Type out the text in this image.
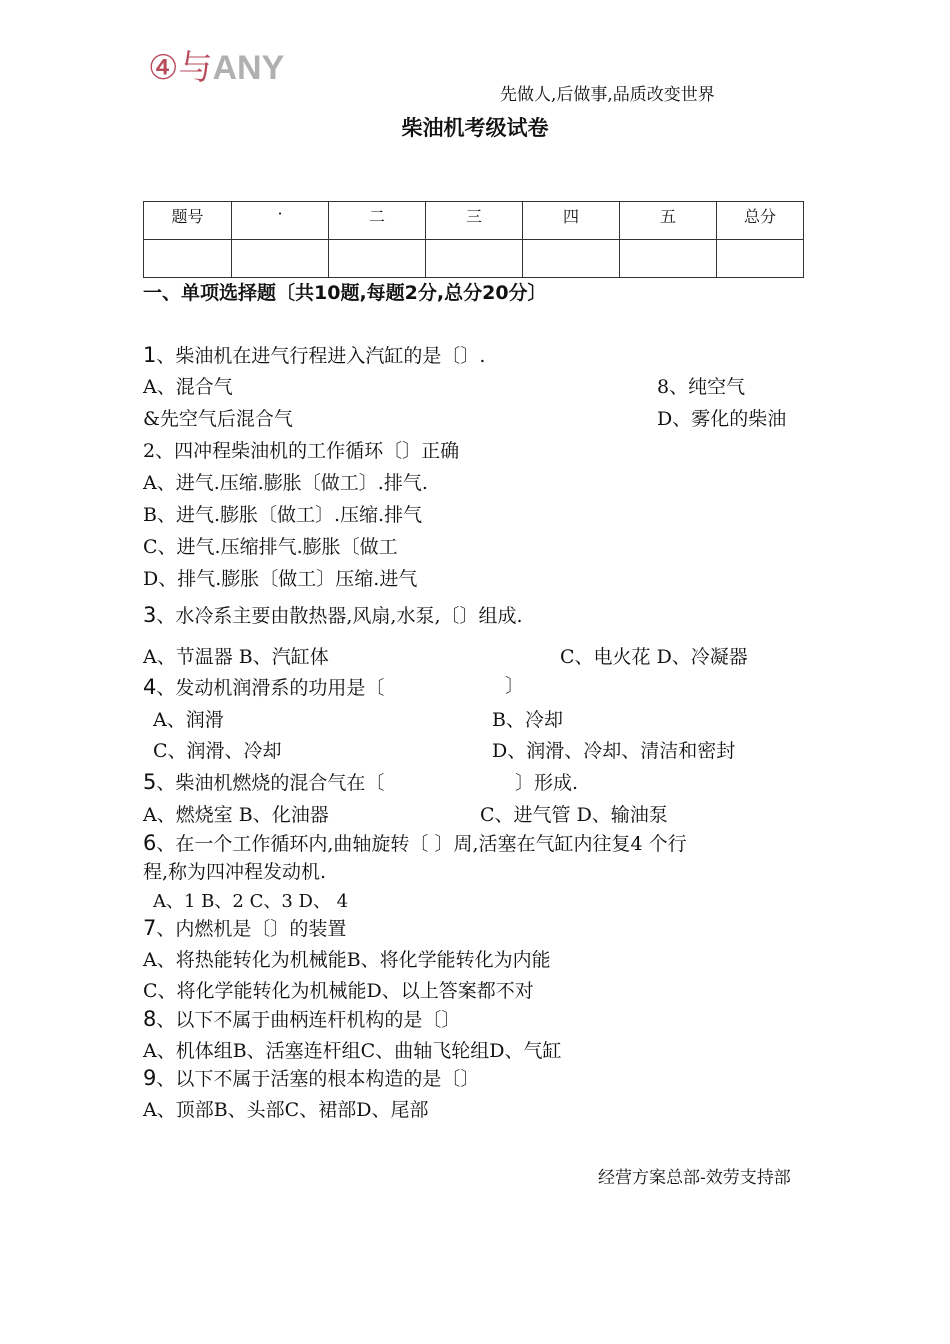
④与ANY
先做人,后做事,品质改变世界
柴油机考级试卷
题号	·	二	三	四	五	总分

一、单项选择题〔共10题,每题2分,总分20分〕
1、柴油机在进气行程进入汽缸的是〔〕.
A、混合气	8、纯空气
&先空气后混合气	D、雾化的柴油
2、四冲程柴油机的工作循环〔〕正确
A、进气.压缩.膨胀〔做工〕.排气.
B、进气.膨胀〔做工〕.压缩.排气
C、进气.压缩排气.膨胀〔做工
D、排气.膨胀〔做工〕压缩.进气
3、水冷系主要由散热器,风扇,水泵,〔〕组成.
A、节温器 B、汽缸体	C、电火花 D、冷凝器
4、发动机润滑系的功用是〔	〕
A、润滑	B、冷却
C、润滑、冷却	D、润滑、冷却、清洁和密封
5、柴油机燃烧的混合气在〔	〕形成.
A、燃烧室 B、化油器	C、进气管 D、输油泵
6、在一个工作循环内,曲轴旋转〔 〕周,活塞在气缸内往复4 个行
程,称为四冲程发动机.
A、1 B、2 C、3 D、 4
7、内燃机是〔〕的装置
A、将热能转化为机械能B、将化学能转化为内能
C、将化学能转化为机械能D、以上答案都不对
8、以下不属于曲柄连杆机构的是〔〕
A、机体组B、活塞连杆组C、曲轴飞轮组D、气缸
9、以下不属于活塞的根本构造的是〔〕
A、顶部B、头部C、裙部D、尾部
经营方案总部-效劳支持部
